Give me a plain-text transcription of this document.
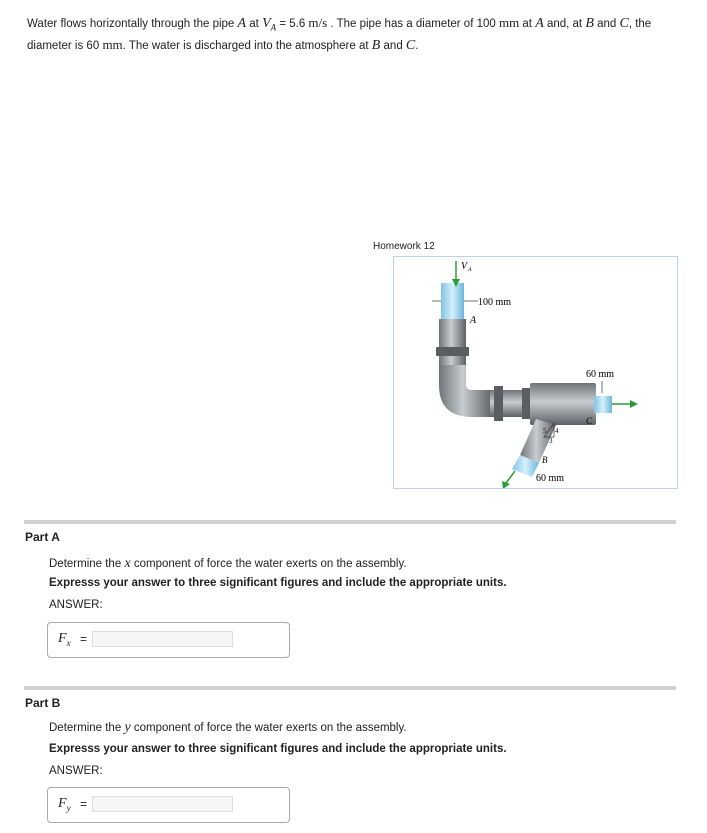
Water flows horizontally through the pipe A at $V_A = 5.6$ m/s . The pipe has a diameter of 100 mm at A and, at B and C, the diameter is 60 mm. The water is discharged into the atmosphere at B and C.
Homework 12
V A
100 mm
A
60 mm
C
5 4
3
B
60 mm
Part A
Determine the x component of force the water exerts on the assembly.
Expresss your answer to three significant figures and include the appropriate units.
ANSWER:
$F_x$ =
Part B
Determine the y component of force the water exerts on the assembly.
Expresss your answer to three significant figures and include the appropriate units.
ANSWER:
$F_y$ =
